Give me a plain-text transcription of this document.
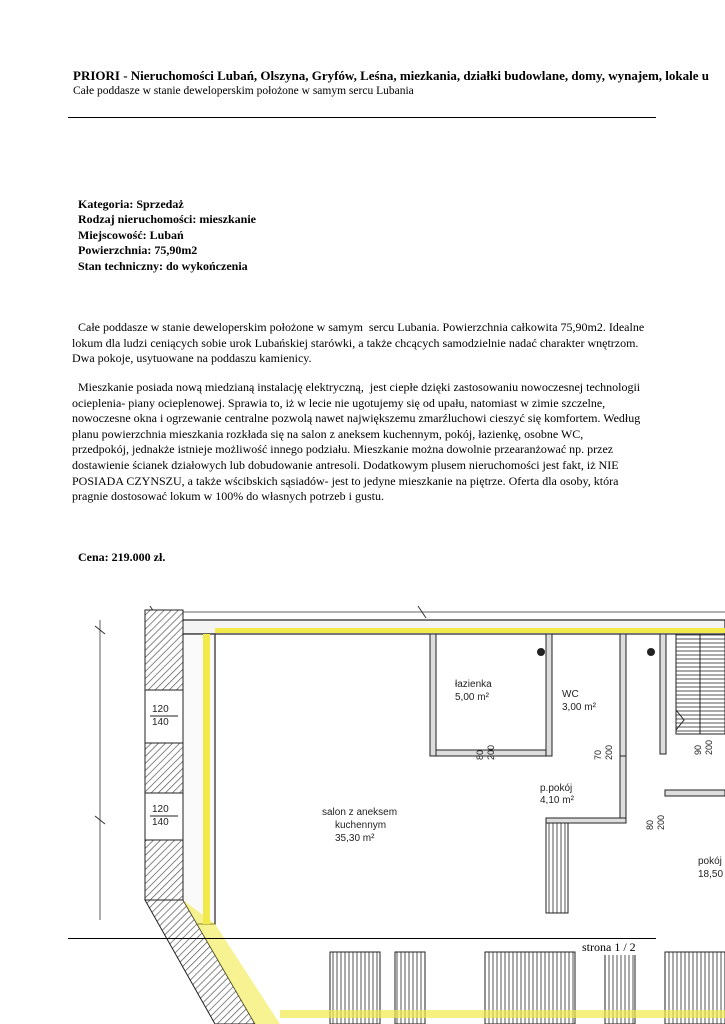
PRIORI - Nieruchomości Lubań, Olszyna, Gryfów, Leśna, miezkania, działki budowlane, domy, wynajem, lokale u
Całe poddasze w stanie deweloperskim położone w samym sercu Lubania
Kategoria: Sprzedaż
Rodzaj nieruchomości: mieszkanie
Miejscowość: Lubań
Powierzchnia: 75,90m2
Stan techniczny: do wykończenia
Całe poddasze w stanie deweloperskim położone w samym  sercu Lubania. Powierzchnia całkowita 75,90m2. Idealne
lokum dla ludzi ceniących sobie urok Lubańskiej starówki, a także chcących samodzielnie nadać charakter wnętrzom.
Dwa pokoje, usytuowane na poddaszu kamienicy.
Mieszkanie posiada nową miedzianą instalację elektryczną,  jest ciepłe dzięki zastosowaniu nowoczesnej technologii
ocieplenia- piany ocieplenowej. Sprawia to, iż w lecie nie ugotujemy się od upału, natomiast w zimie szczelne,
nowoczesne okna i ogrzewanie centralne pozwolą nawet największemu zmarźluchowi cieszyć się komfortem. Według
planu powierzchnia mieszkania rozkłada się na salon z aneksem kuchennym, pokój, łazienkę, osobne WC,
przedpokój, jednakże istnieje możliwość innego podziału. Mieszkanie można dowolnie przearanżować np. przez
dostawienie ścianek działowych lub dobudowanie antresoli. Dodatkowym plusem nieruchomości jest fakt, iż NIE
POSIADA CZYNSZU, a także wścibskich sąsiadów- jest to jedyne mieszkanie na piętrze. Oferta dla osoby, która
pragnie dostosować lokum w 100% do własnych potrzeb i gustu.
Cena: 219.000 zł.
120
140
120
140
80 200	70 200	90 200
80 200
łazienka
5,00 m²	WC
3,00 m²
p.pokój
4,10 m²
salon z aneksem
kuchennym
35,30 m²
pokój
18,50
strona 1 / 2
